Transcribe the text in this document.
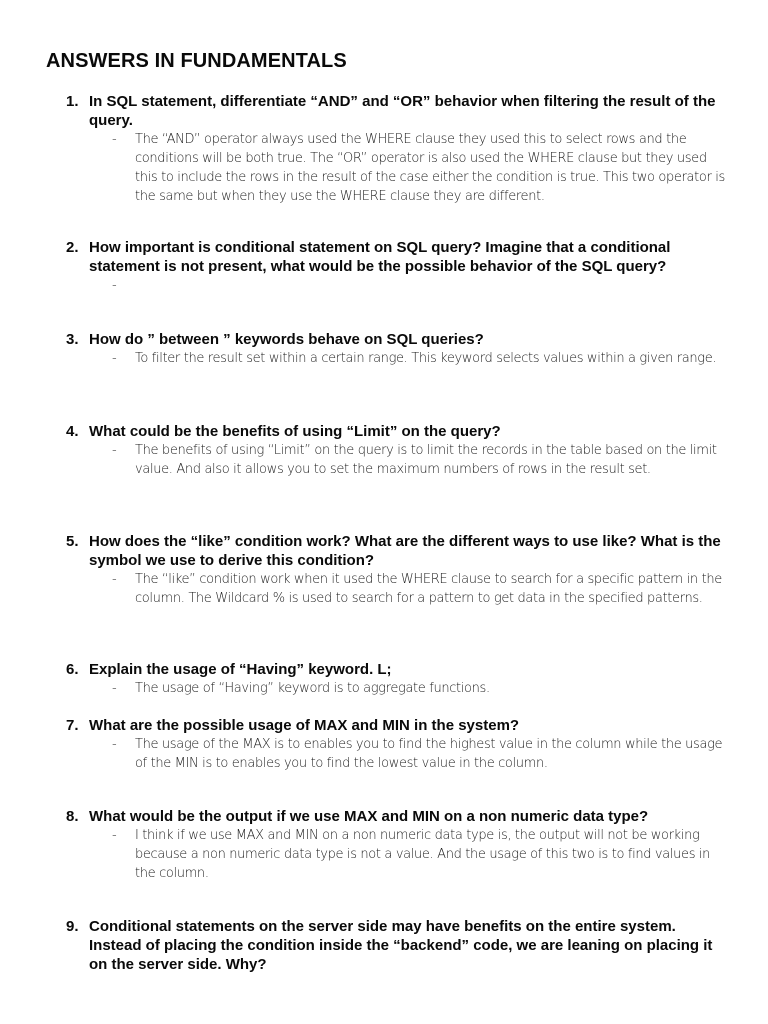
ANSWERS IN FUNDAMENTALS
1. In SQL statement, differentiate “AND” and “OR” behavior when filtering the result of the query.
- The “AND” operator always used the WHERE clause they used this to select rows and the conditions will be both true. The “OR” operator is also used the WHERE clause but they used this to include the rows in the result of the case either the condition is true. This two operator is the same but when they use the WHERE clause they are different.
2. How important is conditional statement on SQL query? Imagine that a conditional statement is not present, what would be the possible behavior of the SQL query?
-
3. How do ” between ” keywords behave on SQL queries?
- To filter the result set within a certain range. This keyword selects values within a given range.
4. What could be the benefits of using “Limit” on the query?
- The benefits of using “Limit” on the query is to limit the records in the table based on the limit value. And also it allows you to set the maximum numbers of rows in the result set.
5. How does the “like” condition work? What are the different ways to use like? What is the symbol we use to derive this condition?
- The “like” condition work when it used the WHERE clause to search for a specific pattern in the column. The Wildcard % is used to search for a pattern to get data in the specified patterns.
6. Explain the usage of “Having” keyword. L;
- The usage of “Having” keyword is to aggregate functions.
7. What are the possible usage of MAX and MIN in the system?
- The usage of the MAX is to enables you to find the highest value in the column while the usage of the MIN is to enables you to find the lowest value in the column.
8. What would be the output if we use MAX and MIN on a non numeric data type?
- I think if we use MAX and MIN on a non numeric data type is, the output will not be working because a non numeric data type is not a value. And the usage of this two is to find values in the column.
9. Conditional statements on the server side may have benefits on the entire system. Instead of placing the condition inside the “backend” code, we are leaning on placing it on the server side. Why?
